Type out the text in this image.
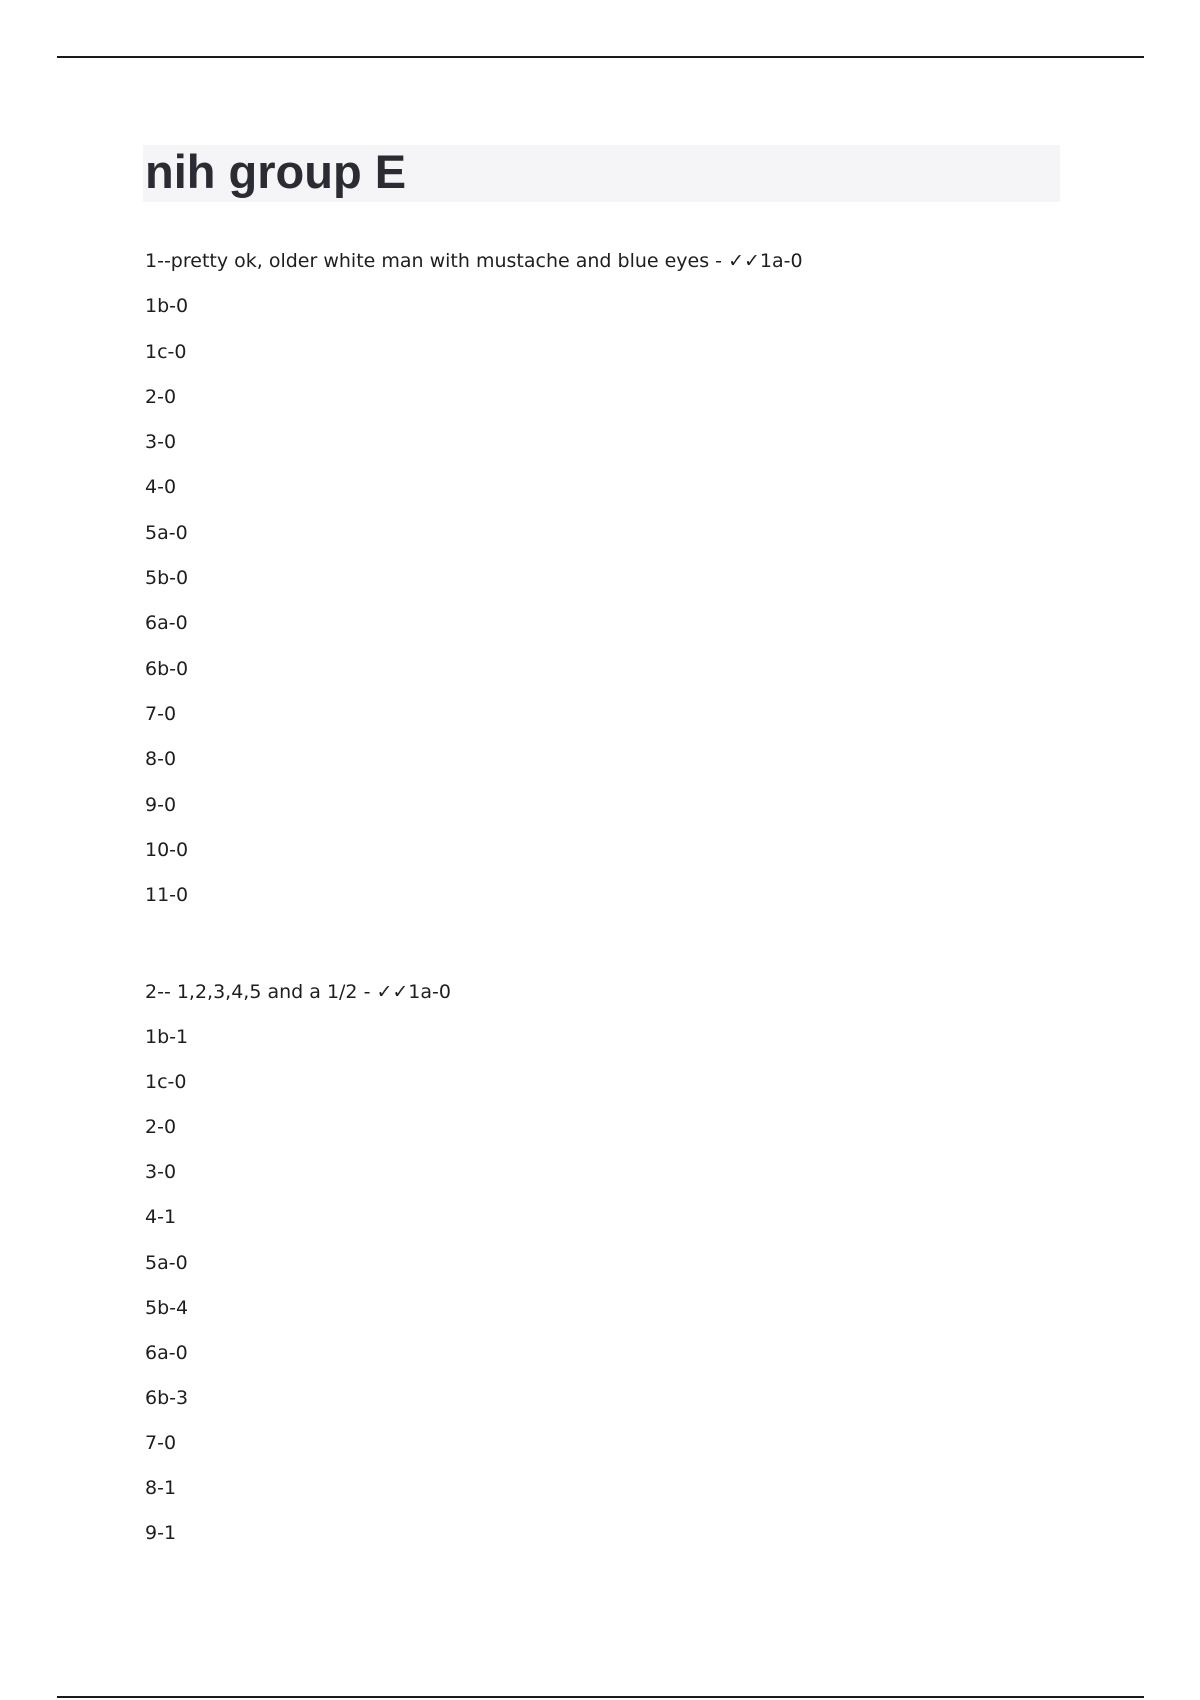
nih group E
1--pretty ok, older white man with mustache and blue eyes - ✓✓1a-0
1b-0
1c-0
2-0
3-0
4-0
5a-0
5b-0
6a-0
6b-0
7-0
8-0
9-0
10-0
11-0
2-- 1,2,3,4,5 and a 1/2 - ✓✓1a-0
1b-1
1c-0
2-0
3-0
4-1
5a-0
5b-4
6a-0
6b-3
7-0
8-1
9-1
